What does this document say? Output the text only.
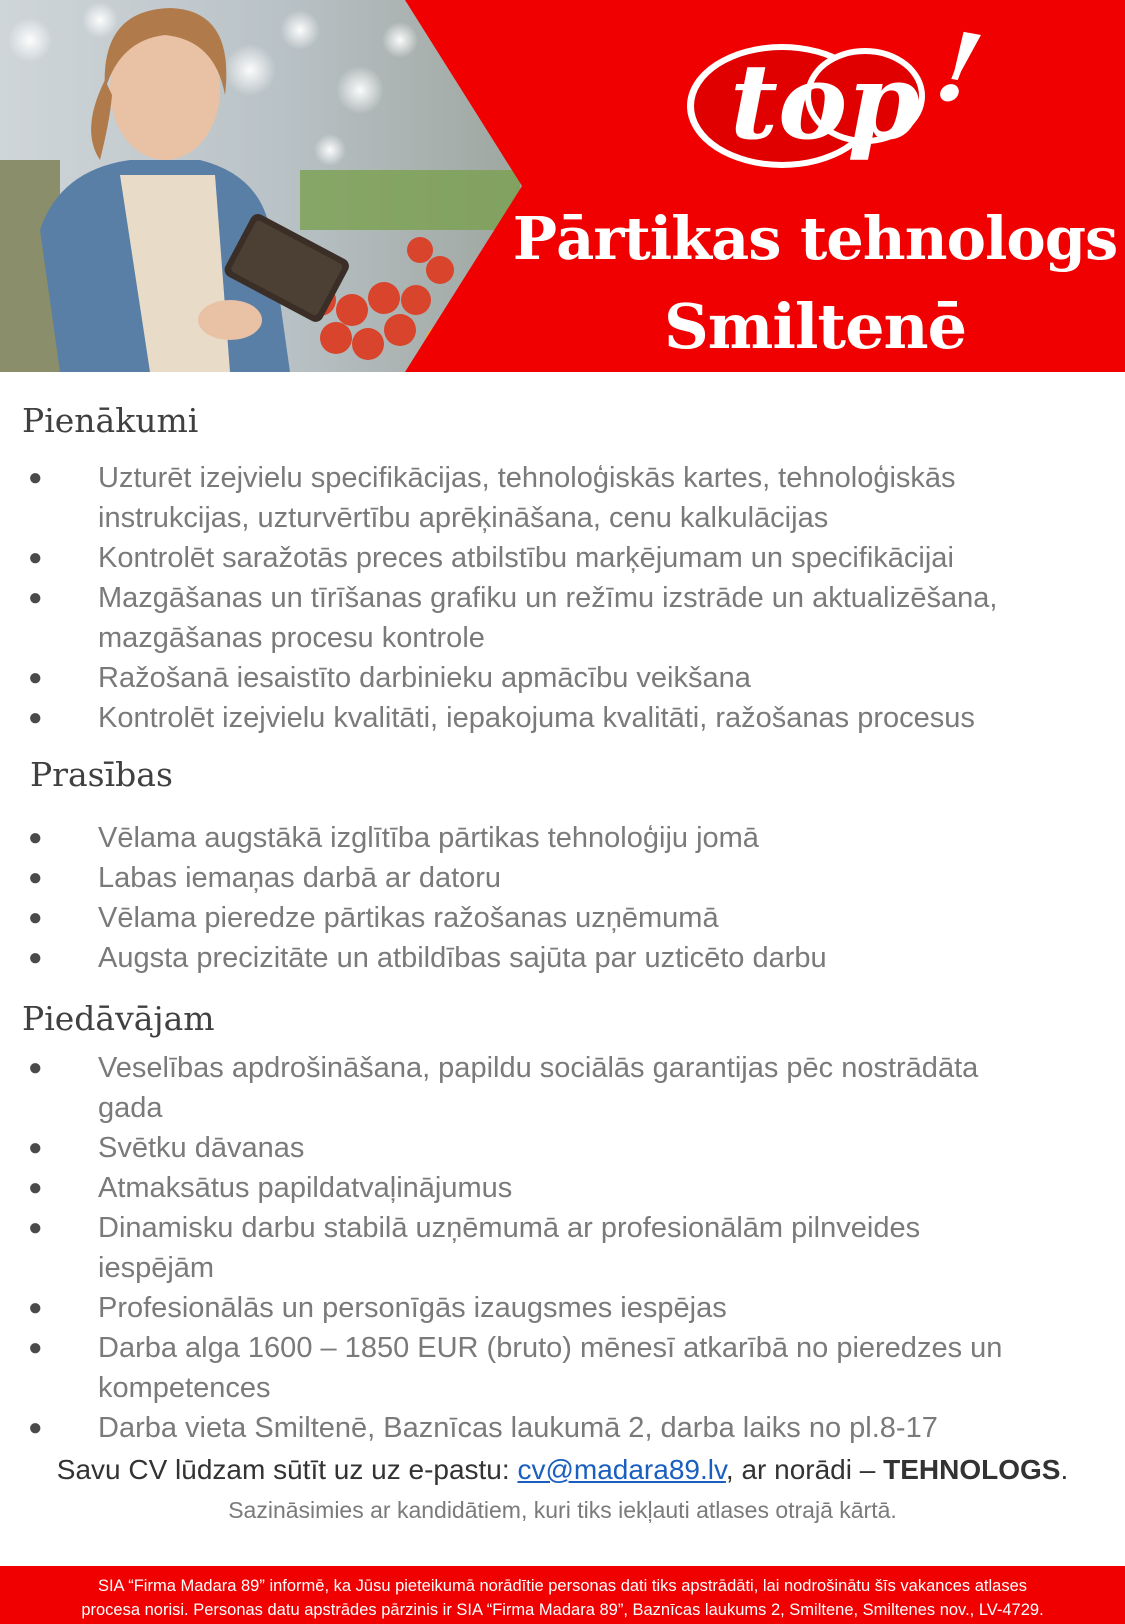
top !
Pārtikas tehnologs
Smiltenē
Pienākumi
● Uzturēt izejvielu specifikācijas, tehnoloģiskās kartes, tehnoloģiskās instrukcijas, uzturvērtību aprēķināšana, cenu kalkulācijas
● Kontrolēt saražotās preces atbilstību marķējumam un specifikācijai
● Mazgāšanas un tīrīšanas grafiku un režīmu izstrāde un aktualizēšana, mazgāšanas procesu kontrole
● Ražošanā iesaistīto darbinieku apmācību veikšana
● Kontrolēt izejvielu kvalitāti, iepakojuma kvalitāti, ražošanas procesus
Prasības
● Vēlama augstākā izglītība pārtikas tehnoloģiju jomā
● Labas iemaņas darbā ar datoru
● Vēlama pieredze pārtikas ražošanas uzņēmumā
● Augsta precizitāte un atbildības sajūta par uzticēto darbu
Piedāvājam
● Veselības apdrošināšana, papildu sociālās garantijas pēc nostrādāta gada
● Svētku dāvanas
● Atmaksātus papildatvaļinājumus
● Dinamisku darbu stabilā uzņēmumā ar profesionālām pilnveides iespējām
● Profesionālās un personīgās izaugsmes iespējas
● Darba alga 1600 – 1850 EUR (bruto) mēnesī atkarībā no pieredzes un kompetences
● Darba vieta Smiltenē, Baznīcas laukumā 2, darba laiks no pl.8-17
Savu CV lūdzam sūtīt uz uz e-pastu: cv@madara89.lv, ar norādi – TEHNOLOGS.
Sazināsimies ar kandidātiem, kuri tiks iekļauti atlases otrajā kārtā.
SIA “Firma Madara 89” informē, ka Jūsu pieteikumā norādītie personas dati tiks apstrādāti, lai nodrošinātu šīs vakances atlases
procesa norisi. Personas datu apstrādes pārzinis ir SIA “Firma Madara 89”, Baznīcas laukums 2, Smiltene, Smiltenes nov., LV-4729.
